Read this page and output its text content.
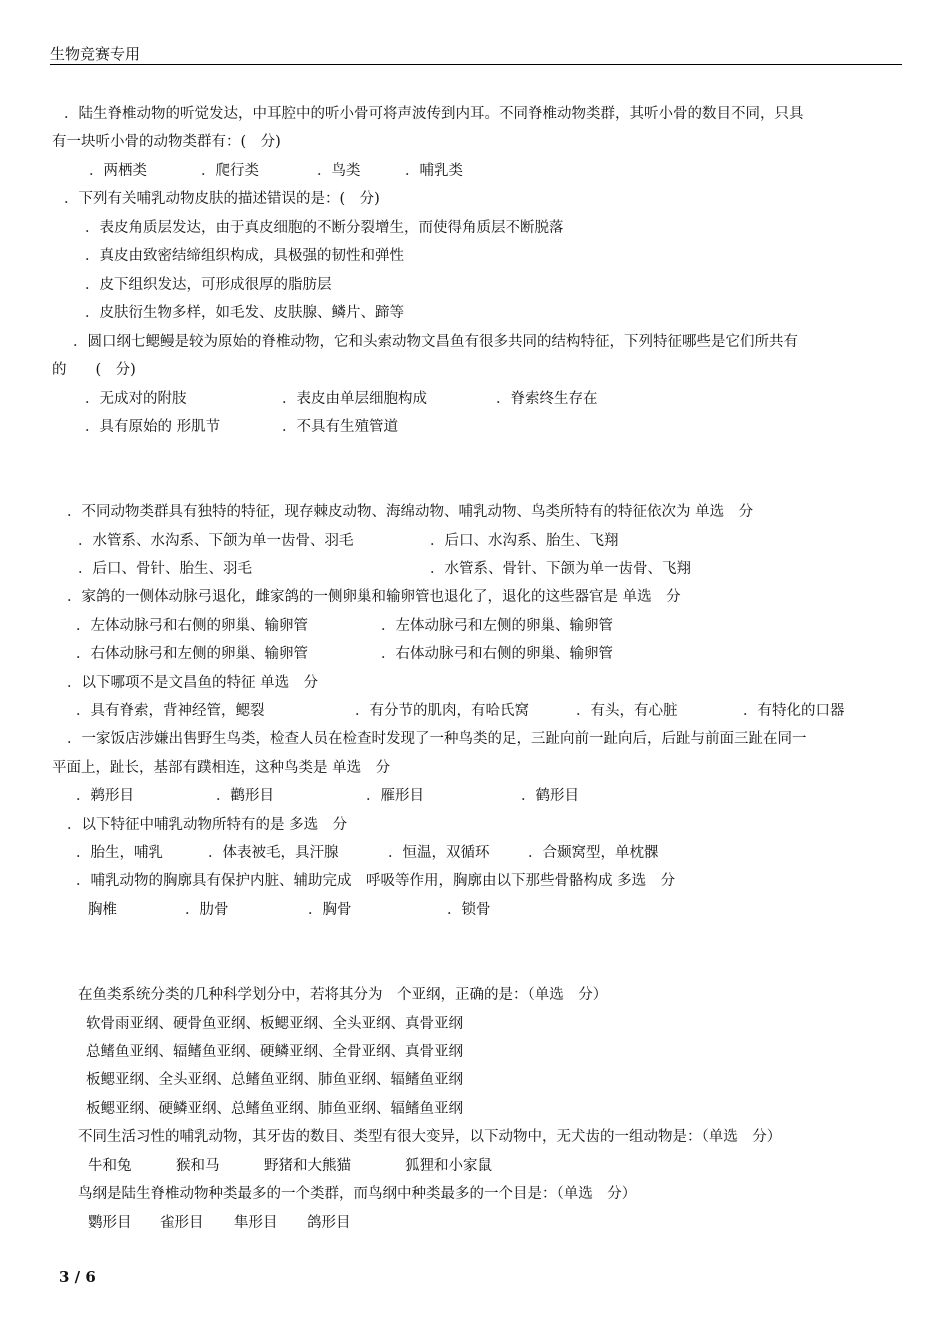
生物竞赛专用
．陆生脊椎动物的听觉发达，中耳腔中的听小骨可将声波传到内耳。不同脊椎动物类群，其听小骨的数目不同，只具
有一块听小骨的动物类群有：(　分)
．两栖类	．爬行类	．鸟类	．哺乳类
．下列有关哺乳动物皮肤的描述错误的是：(　分)
．表皮角质层发达，由于真皮细胞的不断分裂增生，而使得角质层不断脱落
．真皮由致密结缔组织构成，具极强的韧性和弹性
．皮下组织发达，可形成很厚的脂肪层
．皮肤衍生物多样，如毛发、皮肤腺、鳞片、蹄等
．圆口纲七鳃鳗是较为原始的脊椎动物，它和头索动物文昌鱼有很多共同的结构特征，下列特征哪些是它们所共有
的　　(　分)
．无成对的附肢	．表皮由单层细胞构成	．脊索终生存在
．具有原始的 形肌节	．不具有生殖管道
．不同动物类群具有独特的特征，现存棘皮动物、海绵动物、哺乳动物、鸟类所特有的特征依次为 单选　分
．水管系、水沟系、下颌为单一齿骨、羽毛	．后口、水沟系、胎生、飞翔
．后口、骨针、胎生、羽毛	．水管系、骨针、下颌为单一齿骨、飞翔
．家鸽的一侧体动脉弓退化，雌家鸽的一侧卵巢和输卵管也退化了，退化的这些器官是 单选　分
．左体动脉弓和右侧的卵巢、输卵管	．左体动脉弓和左侧的卵巢、输卵管
．右体动脉弓和左侧的卵巢、输卵管	．右体动脉弓和右侧的卵巢、输卵管
．以下哪项不是文昌鱼的特征 单选　分
．具有脊索，背神经管，鳃裂	．有分节的肌肉，有哈氏窝	．有头，有心脏	．有特化的口器
．一家饭店涉嫌出售野生鸟类，检查人员在检查时发现了一种鸟类的足，三趾向前一趾向后，后趾与前面三趾在同一
平面上，趾长，基部有蹼相连，这种鸟类是 单选　分
．鹈形目	．鹳形目	．雁形目	．鹤形目
．以下特征中哺乳动物所特有的是 多选　分
．胎生，哺乳	．体表被毛，具汗腺	．恒温，双循环	．合颞窝型，单枕髁
．哺乳动物的胸廓具有保护内脏、辅助完成　呼吸等作用，胸廓由以下那些骨骼构成 多选　分
胸椎	．肋骨	．胸骨	．锁骨
在鱼类系统分类的几种科学划分中，若将其分为　个亚纲，正确的是：（单选　分）
软骨雨亚纲、硬骨鱼亚纲、板鳃亚纲、全头亚纲、真骨亚纲
总鳍鱼亚纲、辐鳍鱼亚纲、硬鳞亚纲、全骨亚纲、真骨亚纲
板鳃亚纲、全头亚纲、总鳍鱼亚纲、肺鱼亚纲、辐鳍鱼亚纲
板鳃亚纲、硬鳞亚纲、总鳍鱼亚纲、肺鱼亚纲、辐鳍鱼亚纲
不同生活习性的哺乳动物，其牙齿的数目、类型有很大变异，以下动物中，无犬齿的一组动物是：（单选　分）
牛和兔	猴和马	野猪和大熊猫	狐狸和小家鼠
鸟纲是陆生脊椎动物种类最多的一个类群，而鸟纲中种类最多的一个目是：（单选　分）
鹦形目 雀形目 隼形目 鸽形目
3 / 6
